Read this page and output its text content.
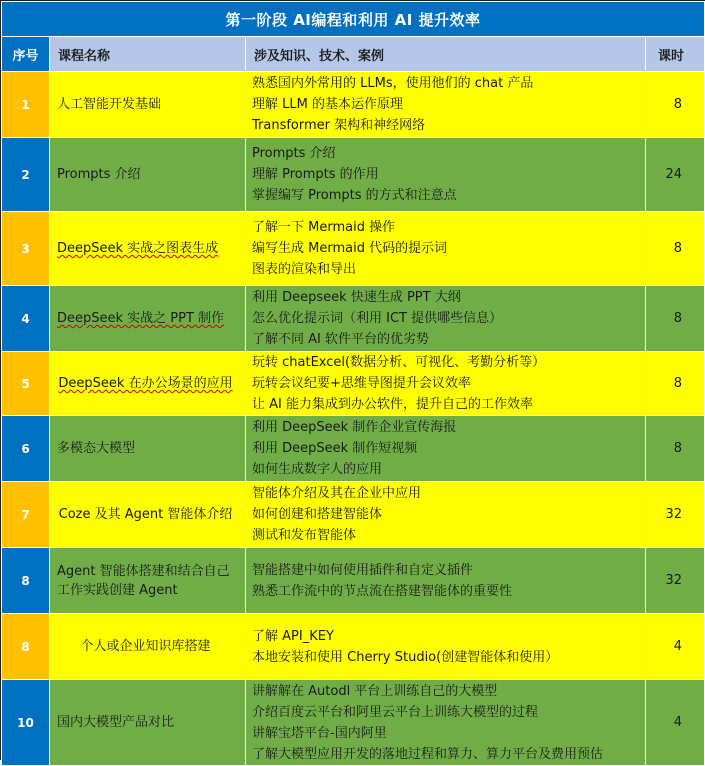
第一阶段 AI编程和利用 AI 提升效率			
序号	课程名称	涉及知识、技术、案例	课时
1	人工智能开发基础	熟悉国内外常用的 LLMs，使用他们的 chat 产品
理解 LLM 的基本运作原理
Transformer 架构和神经网络	8
2	Prompts 介绍	Prompts 介绍
理解 Prompts 的作用
掌握编写 Prompts 的方式和注意点	24
3	DeepSeek 实战之图表生成	了解一下 Mermaid 操作
编写生成 Mermaid 代码的提示词
图表的渲染和导出	8
4	DeepSeek 实战之 PPT 制作	利用 Deepseek 快速生成 PPT 大纲
怎么优化提示词（利用 ICT 提供哪些信息）
了解不同 AI 软件平台的优劣势	8
5	DeepSeek 在办公场景的应用	玩转 chatExcel(数据分析、可视化、考勤分析等）
玩转会议纪要+思维导图提升会议效率
让 AI 能力集成到办公软件，提升自己的工作效率	8
6	多模态大模型	利用 DeepSeek 制作企业宣传海报
利用 DeepSeek 制作短视频
如何生成数字人的应用	8
7	Coze 及其 Agent 智能体介绍	智能体介绍及其在企业中应用
如何创建和搭建智能体
测试和发布智能体	32
8	Agent 智能体搭建和结合自己工作实践创建 Agent	智能搭建中如何使用插件和自定义插件
熟悉工作流中的节点流在搭建智能体的重要性	32
8	个人或企业知识库搭建	了解 API_KEY
本地安装和使用 Cherry Studio(创建智能体和使用）	4
10	国内大模型产品对比	讲解解在 Autodl 平台上训练自己的大模型
介绍百度云平台和阿里云平台上训练大模型的过程
讲解宝塔平台-国内阿里
了解大模型应用开发的落地过程和算力、算力平台及费用预估	4
